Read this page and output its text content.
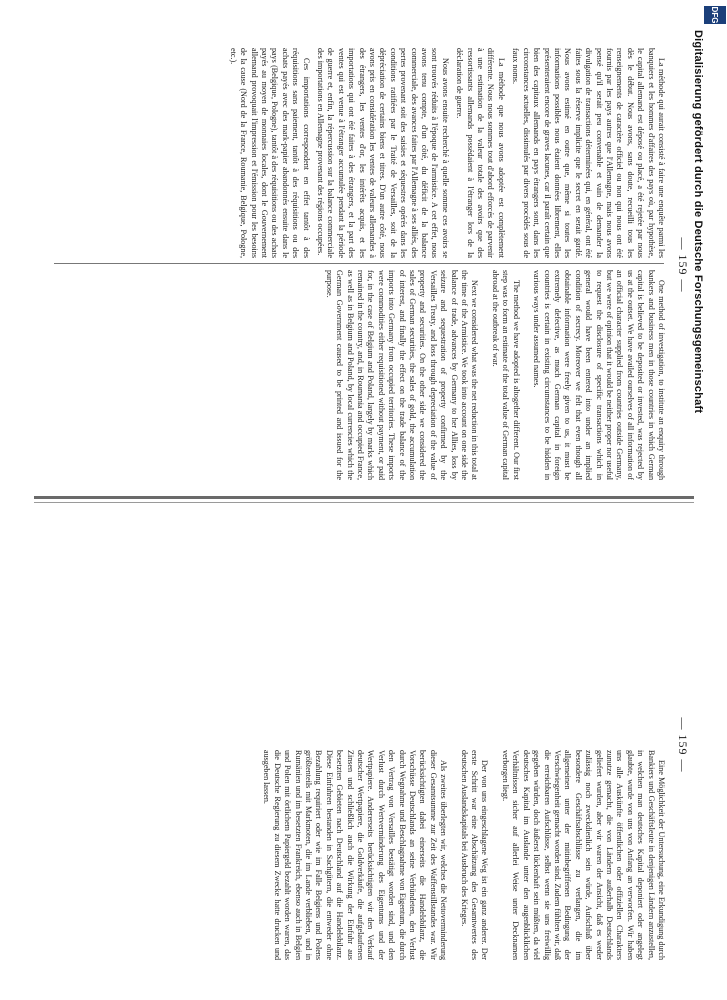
— 159 —

La méthode qui aurait consisté à faire une enquête parmi les banquiers et les hommes d'affaires des pays où, par hypothèse, le capital allemand est déposé ou placé, a été rejetée par nous dès le début. Nous avons, sans doute, recueilli tous les renseignements de caractère officiel ou non qui nous ont été fournis par les pays autres que l'Allemagne, mais nous avons pensé qu'il serait peu convenable et vain de demander la divulgation de transactions déterminées qui, en général, ont été faites sous la réserve implicite que le secret en serait gardé. Nous avons estimé en outre que, même si toutes les informations possibles nous étaient données librement, elles présenteraient encore de graves lacunes, car il paraît certain que bien des capitaux allemands en pays étrangers sont, dans les circonstances actuelles, dissimulés par divers procédés sous de faux noms.

La méthode que nous avons adoptée est complètement différente. Nous nous sommes tout d'abord efforcés de parvenir à une estimation de la valeur totale des avoirs que des ressortissants allemands possédaient à l'étranger lors de la déclaration de guerre.

Nous avons ensuite recherché à quelle somme ces avoirs se sont trouvés réduits à l'époque de l'armistice. A cet effet, nous avons tenu compte, d'un côté, du déficit de la balance commerciale, des avances faites par l'Allemagne à ses alliés, des pertes provenant soit des saisies et séquestres opérés dans les conditions ratifiées par le Traité de Versailles, soit de la dépréciation de certains biens et titres. D'un autre côté, nous avons pris en considération les ventes de valeurs allemandes à des étrangers, les ventes d'or, les intérêts acquis, et les importations qui ont été faites à des étrangers, et la part des ventes qui est venue à l'étranger accumulée pendant la période de guerre et, enfin, la répercussion sur la balance commerciale des importations en Allemagne provenant des régions occupées.

Ces importations correspondent en effet tantôt à des réquisitions sans paiement, tantôt à des réquisitions ou des achats payés avec des mark-papier abandonnés ensuite dans le pays (Belgique, Pologne), tantôt à des réquisitions ou des achats payés au moyen de monnaies locales, dont le Gouvernement allemand provoquait l'impression et l'émission pour les besoins de la cause (Nord de la France, Roumanie, Belgique, Pologne, etc.).

One method of investigation, to institute an enquiry through bankers and business men in those countries in which German capital is believed to be deposited or invested, was rejected by us at the outset. We have availed ourselves of all information of an official character supplied from countries outside Germany, but we were of opinion that it would be neither proper nor useful to request the disclosure of specific transactions which in general would have been entered into under an implied condition of secrecy. Moreover we felt that even though all obtainable information were freely given to us, it must be extremely defective, as much German capital in foreign countries is certain in existing circumstances to be hidden in various ways under assumed names.

The method we have adopted is altogether different. Our first step was to form an estimate of the total value of German capital abroad at the outbreak of war.

Next we considered what was the net reduction in this total at the time of the Armistice. We took into account on one side the balance of trade, advances by Germany to her Allies, loss by seizure and sequestration of property confirmed by the Versailles Treaty, and loss through depreciation of the value of property and securities. On the other side we considered the sales of German securities, the sales of gold, the accumulation of interest, and finally the effect on the trade balance of the imports into Germany from occupied territories. These imports were commodities either requisitioned without payment, or paid for, in the case of Belgium and Poland, largely by marks which remained in the country, and, in Roumania and occupied France, as well as in Belgium and Poland, by local currencies which the German Government caused to be printed and issued for the purpose.

— 159 —

Eine Möglichkeit der Untersuchung, eine Erkundigung durch Bankiers und Geschäftsleute in denjenigen Ländern anzustellen, in welchen man deutsches Kapital deponiert oder angelegt glaubte, wurde von uns von Anfang an verworfen. Wir haben uns alle Auskünfte öffentlichen oder offiziellen Charakters zunutze gemacht, die von Ländern außerhalb Deutschlands geliefert wurden, aber wir waren der Ansicht, daß es weder zulässig noch zweckdienlich sein würde, Aufschluß über besondere Geschäftsabschlüsse zu verlangen, die im allgemeinen unter der mitinbegriffenen Bedingung der Verschwiegenheit gemacht worden sind. Zudem fühlten wir, daß die erreichbaren Aufschlüsse, selbst wenn sie uns freiwillig gegeben würden, doch äußerst lückenhaft sein müßten, da viel deutsches Kapital im Auslande unter den augenblicklichen Verhältnissen sicher auf allerlei Weise unter Decknamen verborgen liegt.

Der von uns eingeschlagene Weg ist ein ganz anderer. Der erste Schritt war eine Abschätzung des Gesamtwertes des deutschen Auslandskapitals bei Ausbruch des Krieges.

Als zweites überlegten wir, welches die Nettoverminderung dieser Gesamtsumme zur Zeit des Waffenstillstandes war. Wir berücksichtigten dabei einerseits die Handelsbilanz, die Vorschüsse Deutschlands an seine Verbündeten, den Verlust durch Wegnahme und Beschlagnahme von Eigentum, die durch den Vertrag von Versailles bestätigt worden sind, und den Verlust durch Wertverminderung des Eigentums und der Wertpapiere. Andererseits berücksichtigten wir den Verkauf deutscher Wertpapiere, die Goldverkäufe, die aufgelaufenen Zinsen und schließlich auch die Wirkung der Einfuhr aus besetzten Gebieten nach Deutschland auf die Handelsbilanz. Diese Einfuhren bestanden in Sachgütern, die entweder ohne Bezahlung requiriert oder wie im Falle Belgiens und Polens größtenteils mit Markmoten, die im Lande verblieben, und in Rumänien und im besetzten Frankreich, ebenso auch in Belgien und Polen mit örtlichem Papiergeld bezahlt worden waren, das die Deutsche Regierung zu diesem Zwecke hatte drucken und ausgeben lassen.

DFG
Digitalisierung gefördert durch die Deutsche Forschungsgemeinschaft
